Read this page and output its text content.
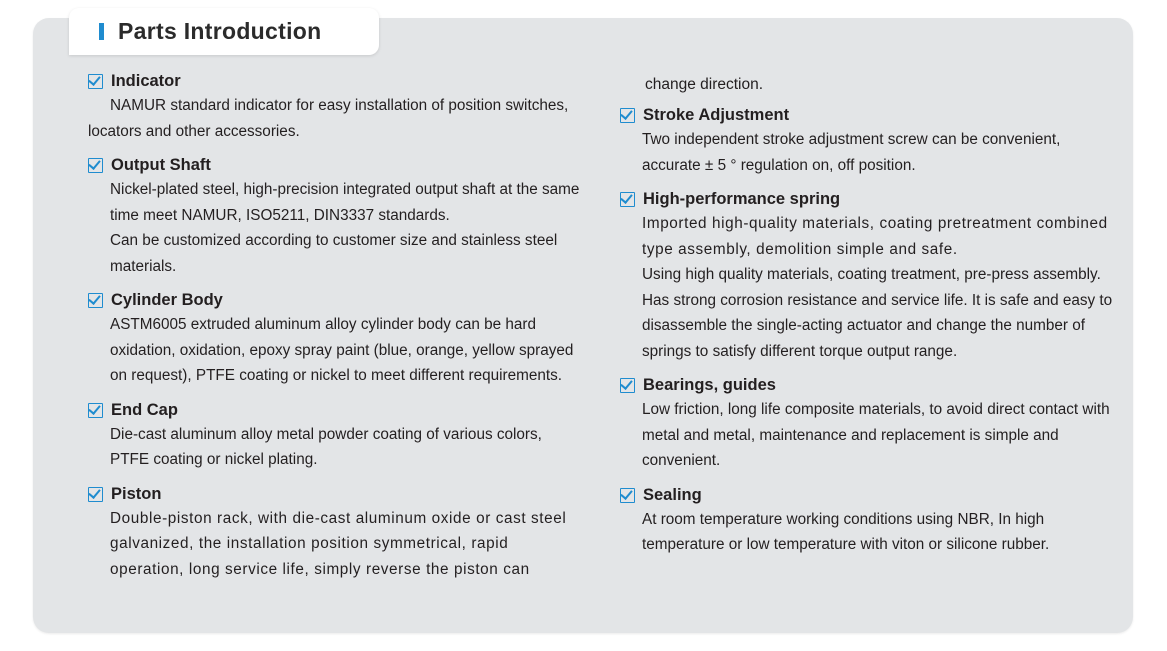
Parts Introduction
Indicator
NAMUR standard indicator for easy installation of position switches, locators and other accessories.
Output Shaft
Nickel-plated steel, high-precision integrated output shaft at the same time meet NAMUR, ISO5211, DIN3337 standards.
Can be customized according to customer size and stainless steel materials.
Cylinder Body
ASTM6005 extruded aluminum alloy cylinder body can be hard oxidation, oxidation, epoxy spray paint (blue, orange, yellow sprayed on request), PTFE coating or nickel to meet different requirements.
End Cap
Die-cast aluminum alloy metal powder coating of various colors, PTFE coating or nickel plating.
Piston
Double-piston rack, with die-cast aluminum oxide or cast steel galvanized, the installation position symmetrical, rapid operation, long service life, simply reverse the piston can
change direction.
Stroke Adjustment
Two independent stroke adjustment screw can be convenient, accurate ± 5 ° regulation on, off position.
High-performance spring
Imported high-quality materials, coating pretreatment combined type assembly, demolition simple and safe.
Using high quality materials, coating treatment, pre-press assembly. Has strong corrosion resistance and service life. It is safe and easy to disassemble the single-acting actuator and change the number of springs to satisfy different torque output range.
Bearings, guides
Low friction, long life composite materials, to avoid direct contact with metal and metal, maintenance and replacement is simple and convenient.
Sealing
At room temperature working conditions using NBR, In high temperature or low temperature with viton or silicone rubber.
